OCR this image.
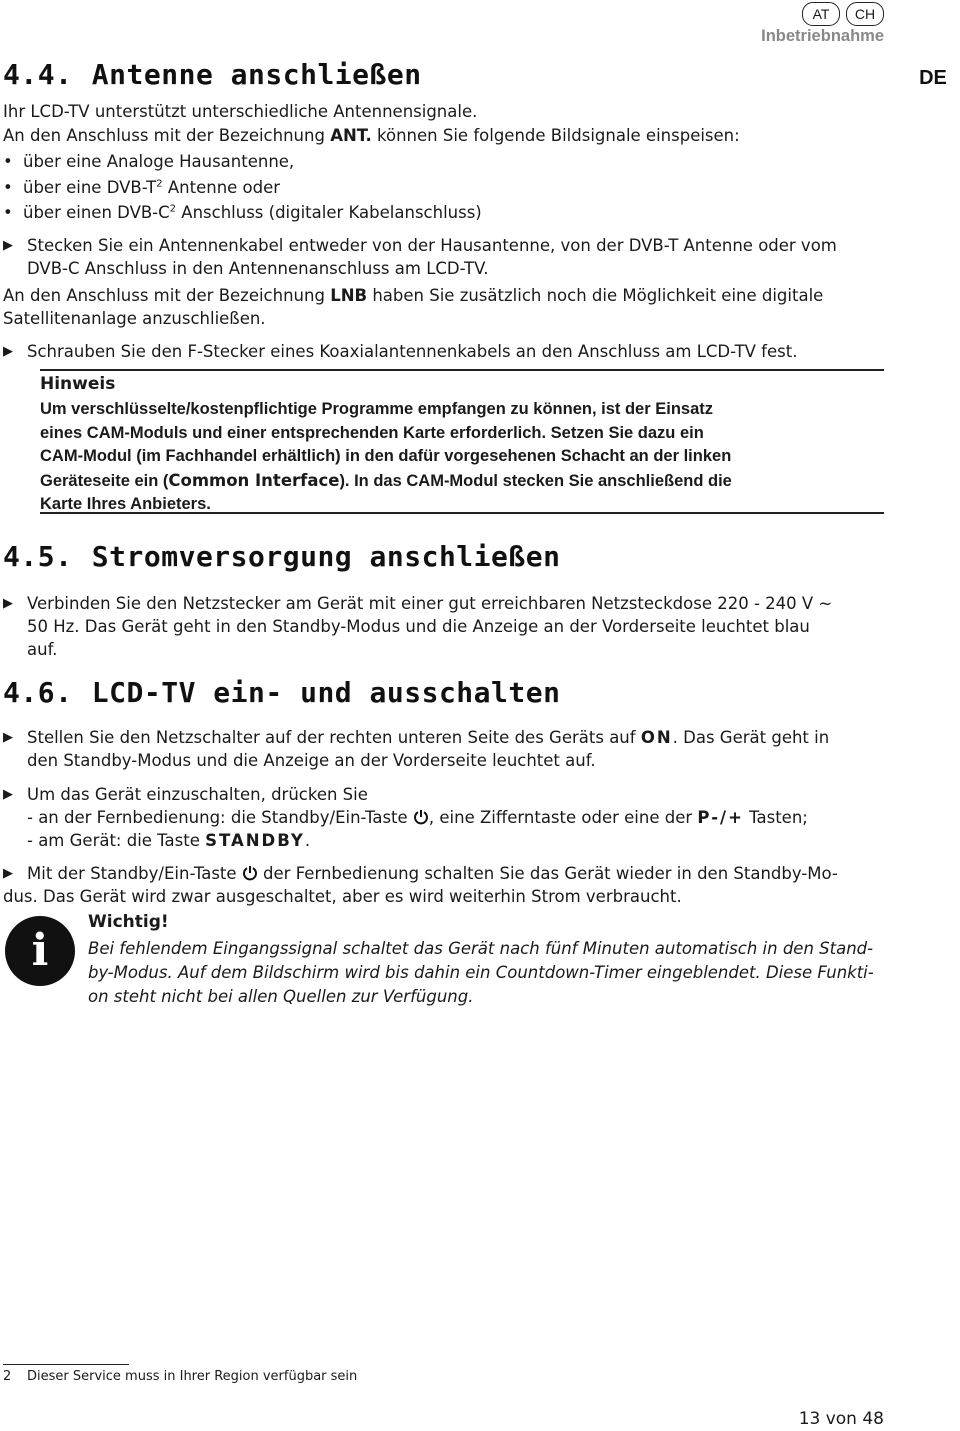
AT	CH
Inbetriebnahme
DE
4.4. Antenne anschließen
Ihr LCD-TV unterstützt unterschiedliche Antennensignale.
An den Anschluss mit der Bezeichnung ANT. können Sie folgende Bildsignale einspeisen:
• über eine Analoge Hausantenne,
• über eine DVB-$T^2$ Antenne oder
• über einen DVB-$C^2$ Anschluss (digitaler Kabelanschluss)
▶ Stecken Sie ein Antennenkabel entweder von der Hausantenne, von der DVB-T Antenne oder vom
DVB-C Anschluss in den Antennenanschluss am LCD-TV.
An den Anschluss mit der Bezeichnung LNB haben Sie zusätzlich noch die Möglichkeit eine digitale
Satellitenanlage anzuschließen.
▶ Schrauben Sie den F-Stecker eines Koaxialantennenkabels an den Anschluss am LCD-TV fest.
Hinweis
Um verschlüsselte/kostenpflichtige Programme empfangen zu können, ist der Einsatz
eines CAM-Moduls und einer entsprechenden Karte erforderlich. Setzen Sie dazu ein
CAM-Modul (im Fachhandel erhältlich) in den dafür vorgesehenen Schacht an der linken
Geräteseite ein (Common Interface). In das CAM-Modul stecken Sie anschließend die
Karte Ihres Anbieters.
4.5. Stromversorgung anschließen
▶ Verbinden Sie den Netzstecker am Gerät mit einer gut erreichbaren Netzsteckdose 220 - 240 V ~
50 Hz. Das Gerät geht in den Standby-Modus und die Anzeige an der Vorderseite leuchtet blau
auf.
4.6. LCD-TV ein- und ausschalten
▶ Stellen Sie den Netzschalter auf der rechten unteren Seite des Geräts auf ON. Das Gerät geht in
den Standby-Modus und die Anzeige an der Vorderseite leuchtet auf.
▶ Um das Gerät einzuschalten, drücken Sie
- an der Fernbedienung: die Standby/Ein-Taste , eine Zifferntaste oder eine der P-/+ Tasten;
- am Gerät: die Taste STANDBY.
▶ Mit der Standby/Ein-Taste  der Fernbedienung schalten Sie das Gerät wieder in den Standby-Mo-
dus. Das Gerät wird zwar ausgeschaltet, aber es wird weiterhin Strom verbraucht.
i
Wichtig!
Bei fehlendem Eingangssignal schaltet das Gerät nach fünf Minuten automatisch in den Stand-
by-Modus. Auf dem Bildschirm wird bis dahin ein Countdown-Timer eingeblendet. Diese Funkti-
on steht nicht bei allen Quellen zur Verfügung.
2 Dieser Service muss in Ihrer Region verfügbar sein
13 von 48
